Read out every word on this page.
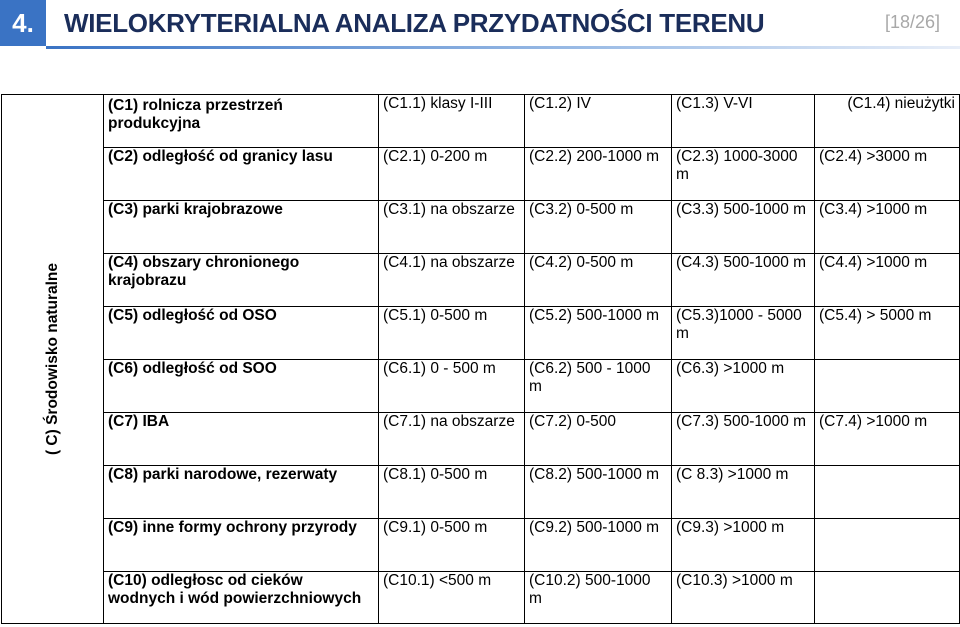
4.	WIELOKRYTERIALNA ANALIZA PRZYDATNOŚCI TERENU	[18/26]
( C) Środowisko naturalne	(C1) rolnicza przestrzeń produkcyjna	(C1.1) klasy I-III	(C1.2) IV	(C1.3) V-VI	(C1.4) nieużytki
	(C2) odległość od granicy lasu	(C2.1) 0-200 m	(C2.2) 200-1000 m	(C2.3) 1000-3000 m	(C2.4) >3000 m
	(C3) parki krajobrazowe	(C3.1) na obszarze	(C3.2) 0-500 m	(C3.3) 500-1000 m	(C3.4) >1000 m
	(C4) obszary chronionego krajobrazu	(C4.1) na obszarze	(C4.2) 0-500 m	(C4.3) 500-1000 m	(C4.4) >1000 m
	(C5) odległość od OSO	(C5.1) 0-500 m	(C5.2) 500-1000 m	(C5.3)1000 - 5000 m	(C5.4) > 5000 m
	(C6) odległość od SOO	(C6.1) 0 - 500 m	(C6.2) 500 - 1000 m	(C6.3) >1000 m	
	(C7) IBA	(C7.1) na obszarze	(C7.2) 0-500	(C7.3) 500-1000 m	(C7.4) >1000 m
	(C8) parki narodowe, rezerwaty	(C8.1) 0-500 m	(C8.2) 500-1000 m	(C 8.3) >1000 m	
	(C9) inne formy ochrony przyrody	(C9.1) 0-500 m	(C9.2) 500-1000 m	(C9.3) >1000 m	
	(C10) odległosc od cieków wodnych i wód powierzchniowych	(C10.1) <500 m	(C10.2) 500-1000 m	(C10.3) >1000 m	
